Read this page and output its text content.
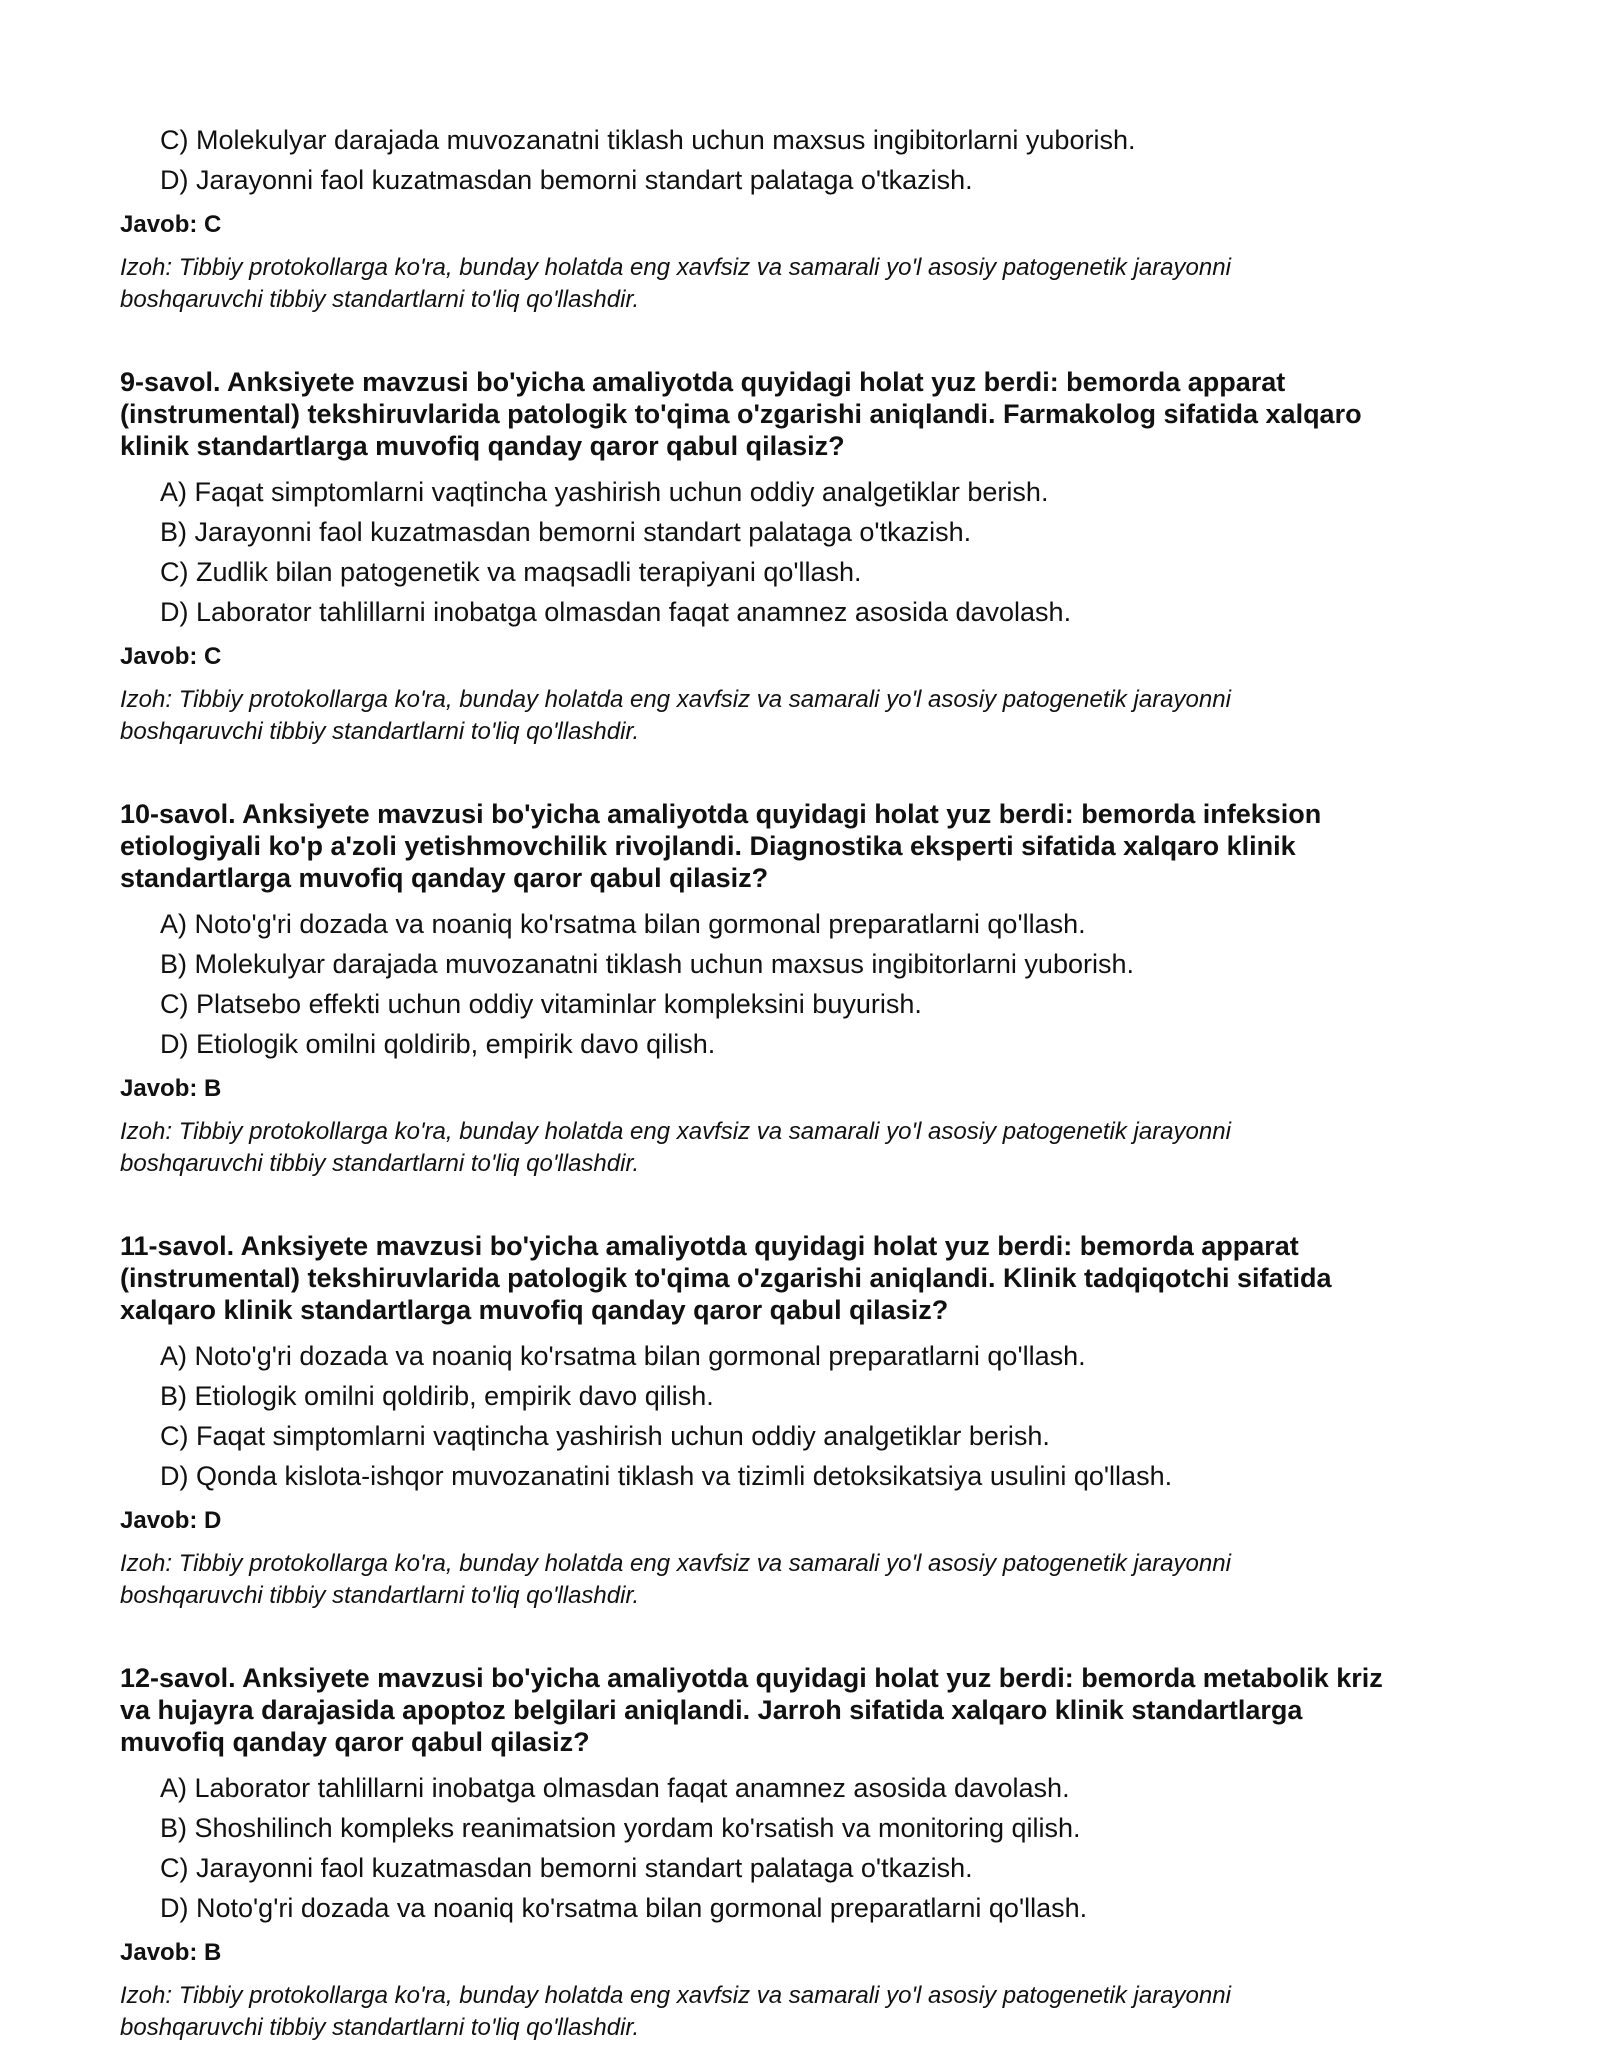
C) Molekulyar darajada muvozanatni tiklash uchun maxsus ingibitorlarni yuborish.
D) Jarayonni faol kuzatmasdan bemorni standart palataga o'tkazish.
Javob: C
Izoh: Tibbiy protokollarga ko'ra, bunday holatda eng xavfsiz va samarali yo'l asosiy patogenetik jarayonni
boshqaruvchi tibbiy standartlarni to'liq qo'llashdir.
9-savol. Anksiyete mavzusi bo'yicha amaliyotda quyidagi holat yuz berdi: bemorda apparat
(instrumental) tekshiruvlarida patologik to'qima o'zgarishi aniqlandi. Farmakolog sifatida xalqaro
klinik standartlarga muvofiq qanday qaror qabul qilasiz?
A) Faqat simptomlarni vaqtincha yashirish uchun oddiy analgetiklar berish.
B) Jarayonni faol kuzatmasdan bemorni standart palataga o'tkazish.
C) Zudlik bilan patogenetik va maqsadli terapiyani qo'llash.
D) Laborator tahlillarni inobatga olmasdan faqat anamnez asosida davolash.
Javob: C
Izoh: Tibbiy protokollarga ko'ra, bunday holatda eng xavfsiz va samarali yo'l asosiy patogenetik jarayonni
boshqaruvchi tibbiy standartlarni to'liq qo'llashdir.
10-savol. Anksiyete mavzusi bo'yicha amaliyotda quyidagi holat yuz berdi: bemorda infeksion
etiologiyali ko'p a'zoli yetishmovchilik rivojlandi. Diagnostika eksperti sifatida xalqaro klinik
standartlarga muvofiq qanday qaror qabul qilasiz?
A) Noto'g'ri dozada va noaniq ko'rsatma bilan gormonal preparatlarni qo'llash.
B) Molekulyar darajada muvozanatni tiklash uchun maxsus ingibitorlarni yuborish.
C) Platsebo effekti uchun oddiy vitaminlar kompleksini buyurish.
D) Etiologik omilni qoldirib, empirik davo qilish.
Javob: B
Izoh: Tibbiy protokollarga ko'ra, bunday holatda eng xavfsiz va samarali yo'l asosiy patogenetik jarayonni
boshqaruvchi tibbiy standartlarni to'liq qo'llashdir.
11-savol. Anksiyete mavzusi bo'yicha amaliyotda quyidagi holat yuz berdi: bemorda apparat
(instrumental) tekshiruvlarida patologik to'qima o'zgarishi aniqlandi. Klinik tadqiqotchi sifatida
xalqaro klinik standartlarga muvofiq qanday qaror qabul qilasiz?
A) Noto'g'ri dozada va noaniq ko'rsatma bilan gormonal preparatlarni qo'llash.
B) Etiologik omilni qoldirib, empirik davo qilish.
C) Faqat simptomlarni vaqtincha yashirish uchun oddiy analgetiklar berish.
D) Qonda kislota-ishqor muvozanatini tiklash va tizimli detoksikatsiya usulini qo'llash.
Javob: D
Izoh: Tibbiy protokollarga ko'ra, bunday holatda eng xavfsiz va samarali yo'l asosiy patogenetik jarayonni
boshqaruvchi tibbiy standartlarni to'liq qo'llashdir.
12-savol. Anksiyete mavzusi bo'yicha amaliyotda quyidagi holat yuz berdi: bemorda metabolik kriz
va hujayra darajasida apoptoz belgilari aniqlandi. Jarroh sifatida xalqaro klinik standartlarga
muvofiq qanday qaror qabul qilasiz?
A) Laborator tahlillarni inobatga olmasdan faqat anamnez asosida davolash.
B) Shoshilinch kompleks reanimatsion yordam ko'rsatish va monitoring qilish.
C) Jarayonni faol kuzatmasdan bemorni standart palataga o'tkazish.
D) Noto'g'ri dozada va noaniq ko'rsatma bilan gormonal preparatlarni qo'llash.
Javob: B
Izoh: Tibbiy protokollarga ko'ra, bunday holatda eng xavfsiz va samarali yo'l asosiy patogenetik jarayonni
boshqaruvchi tibbiy standartlarni to'liq qo'llashdir.
